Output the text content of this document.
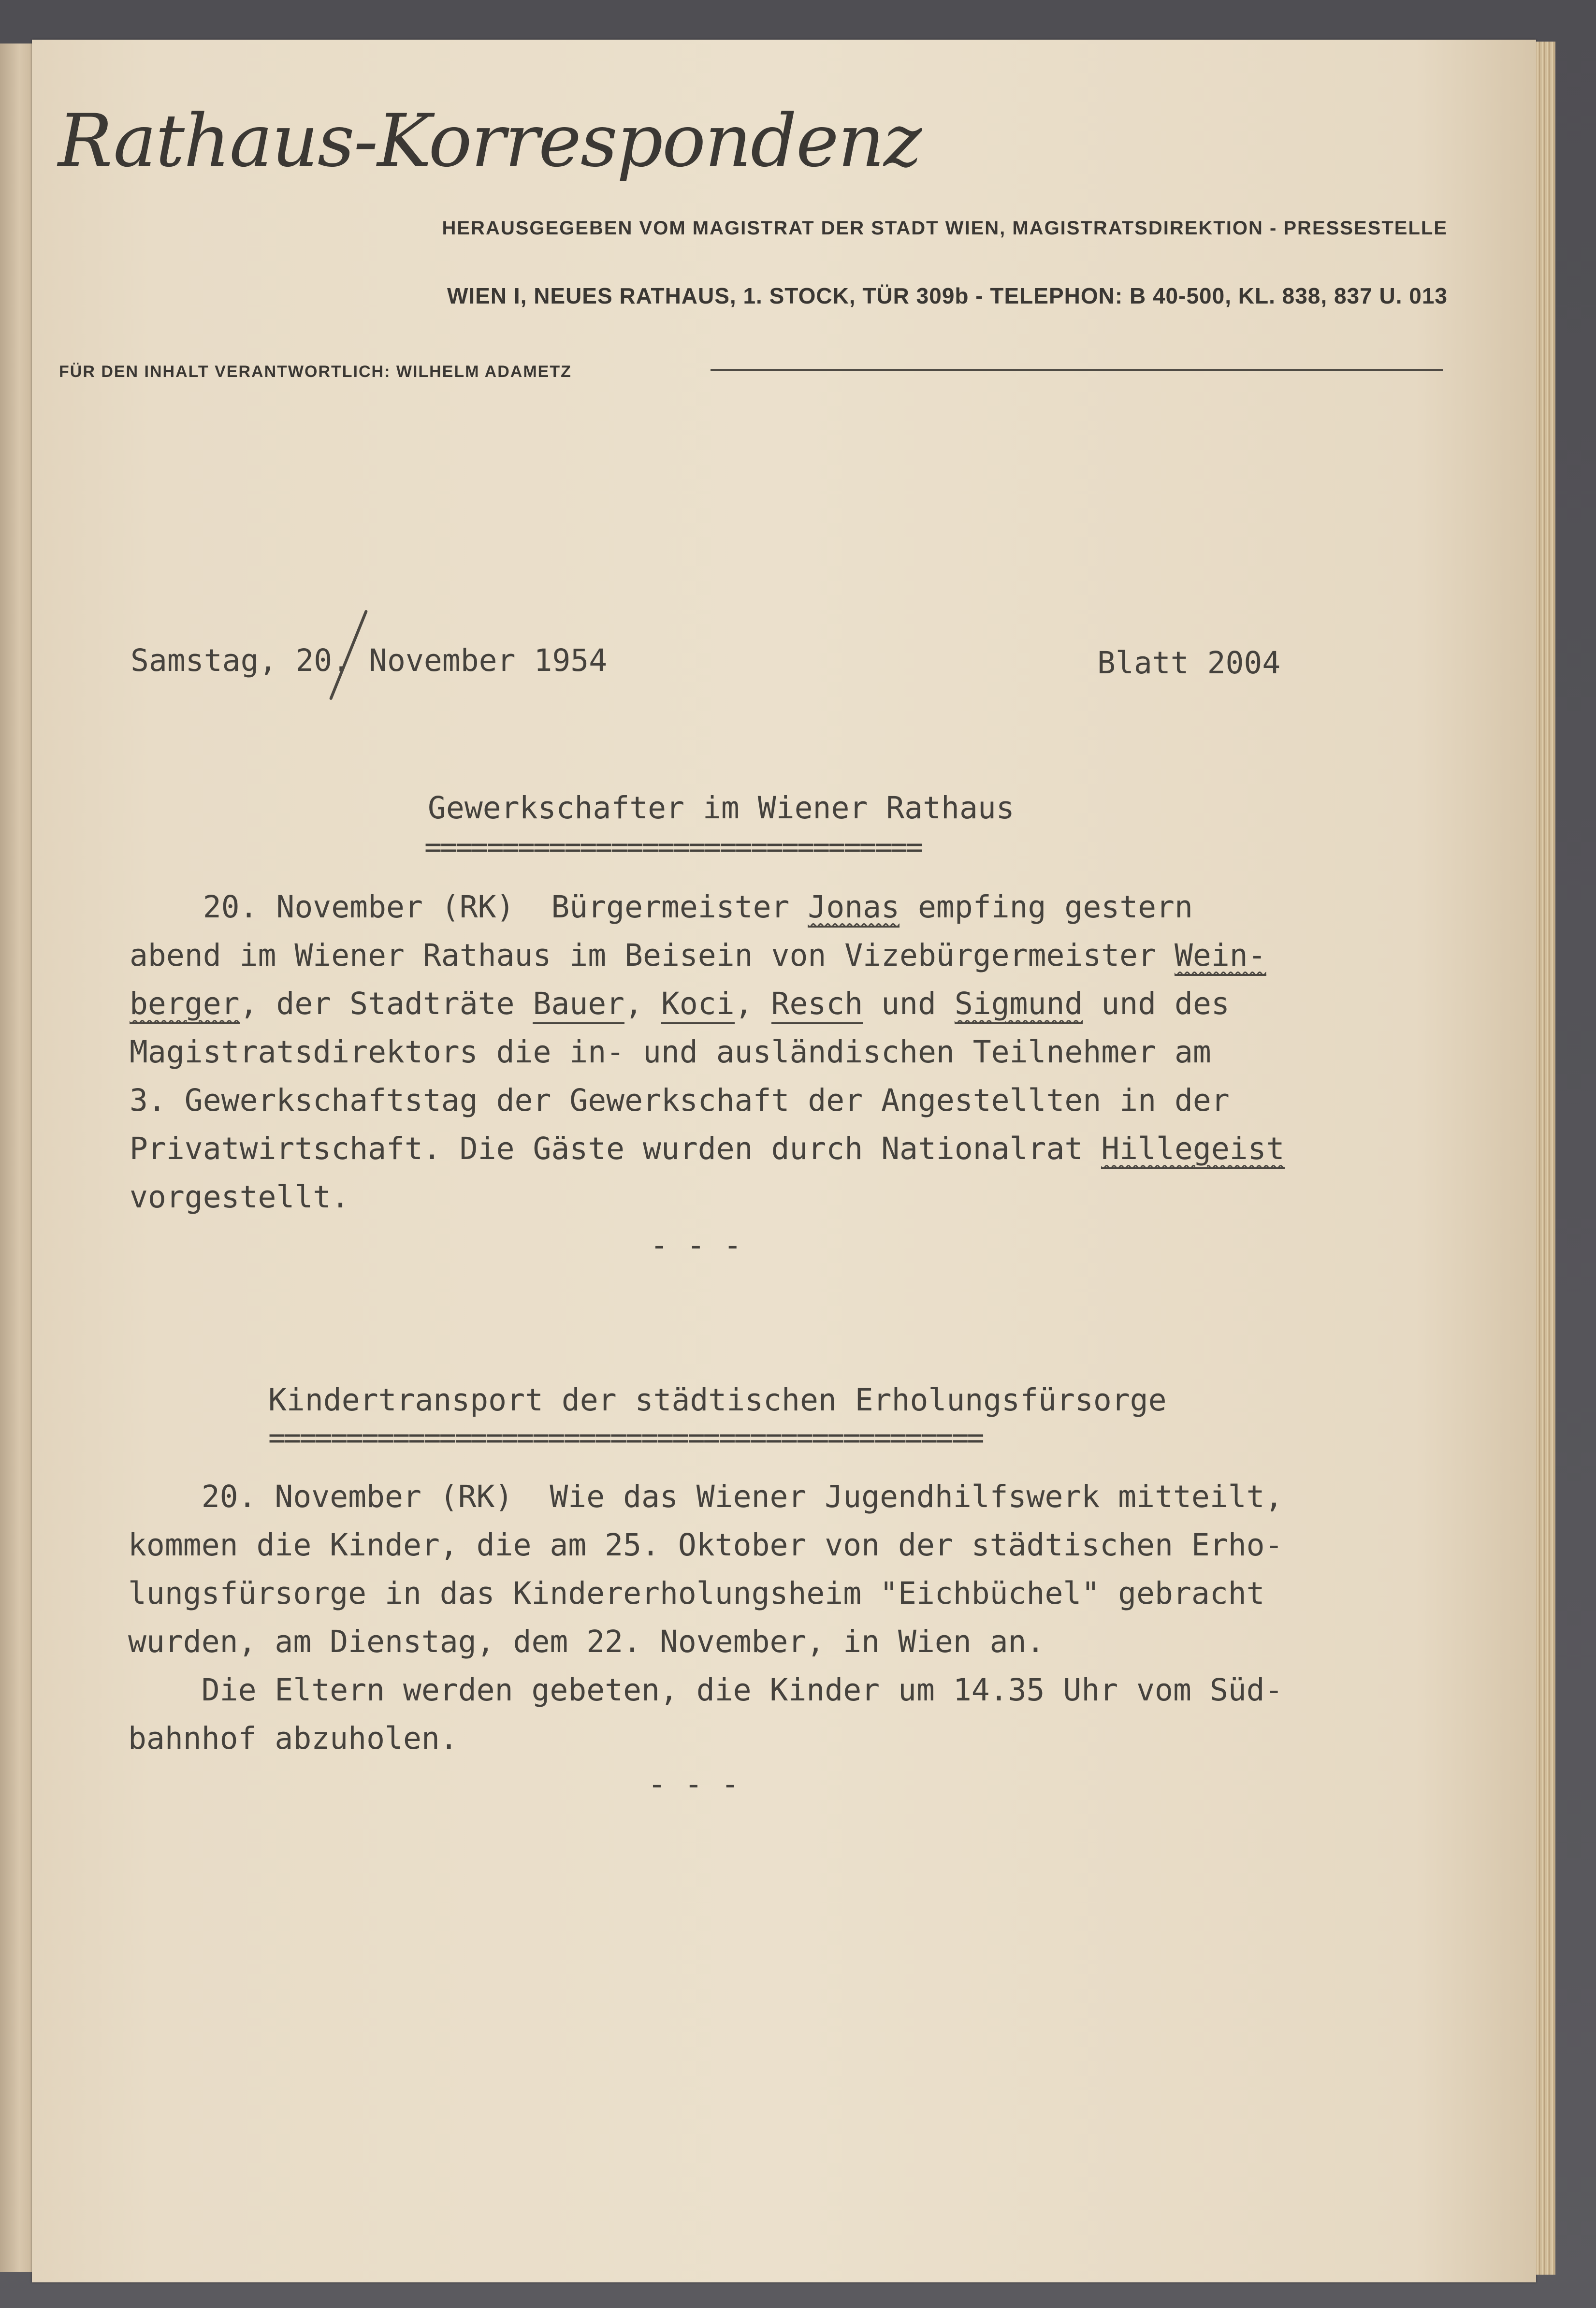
Rathaus-Korrespondenz
HERAUSGEGEBEN VOM MAGISTRAT DER STADT WIEN, MAGISTRATSDIREKTION - PRESSESTELLE
WIEN I, NEUES RATHAUS, 1. STOCK, TÜR 309b - TELEPHON: B 40-500, KL. 838, 837 U. 013
FÜR DEN INHALT VERANTWORTLICH: WILHELM ADAMETZ
Samstag, 20. November 1954	Blatt 2004
Gewerkschafter im Wiener Rathaus
================================
20. November (RK)  Bürgermeister Jonas empfing gestern
abend im Wiener Rathaus im Beisein von Vizebürgermeister Wein-
berger, der Stadträte Bauer, Koci, Resch und Sigmund und des
Magistratsdirektors die in- und ausländischen Teilnehmer am
3. Gewerkschaftstag der Gewerkschaft der Angestellten in der
Privatwirtschaft. Die Gäste wurden durch Nationalrat Hillegeist
vorgestellt.
- - -
Kindertransport der städtischen Erholungsfürsorge
==============================================
20. November (RK)  Wie das Wiener Jugendhilfswerk mitteilt,
kommen die Kinder, die am 25. Oktober von der städtischen Erho-
lungsfürsorge in das Kindererholungsheim "Eichbüchel" gebracht
wurden, am Dienstag, dem 22. November, in Wien an.
Die Eltern werden gebeten, die Kinder um 14.35 Uhr vom Süd-
bahnhof abzuholen.
- - -
